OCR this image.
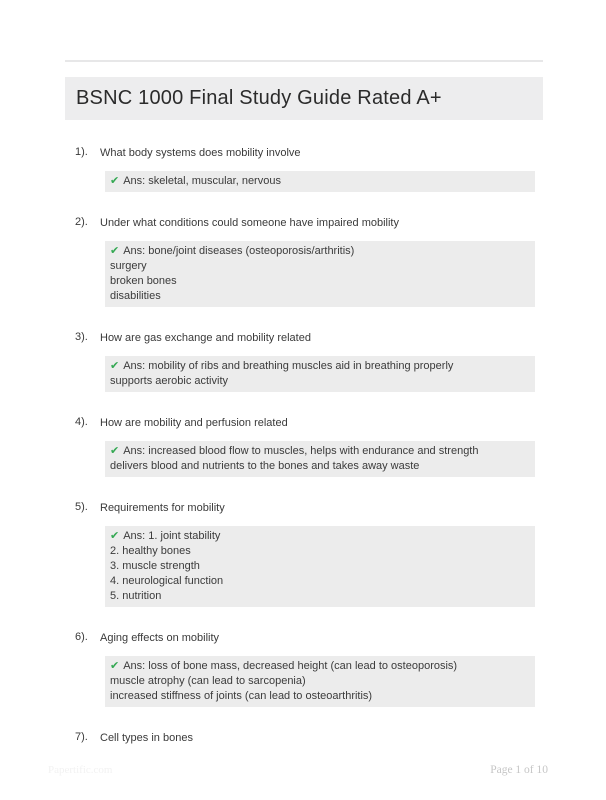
BSNC 1000 Final Study Guide Rated A+
1).	What body systems does mobility involve
✔ Ans: skeletal, muscular, nervous
2).	Under what conditions could someone have impaired mobility
✔ Ans: bone/joint diseases (osteoporosis/arthritis)
surgery
broken bones
disabilities
3).	How are gas exchange and mobility related
✔ Ans: mobility of ribs and breathing muscles aid in breathing properly
supports aerobic activity
4).	How are mobility and perfusion related
✔ Ans: increased blood flow to muscles, helps with endurance and strength
delivers blood and nutrients to the bones and takes away waste
5).	Requirements for mobility
✔ Ans: 1. joint stability
2. healthy bones
3. muscle strength
4. neurological function
5. nutrition
6).	Aging effects on mobility
✔ Ans: loss of bone mass, decreased height (can lead to osteoporosis)
muscle atrophy (can lead to sarcopenia)
increased stiffness of joints (can lead to osteoarthritis)
7).	Cell types in bones
Papertific.com	Page 1 of 10
